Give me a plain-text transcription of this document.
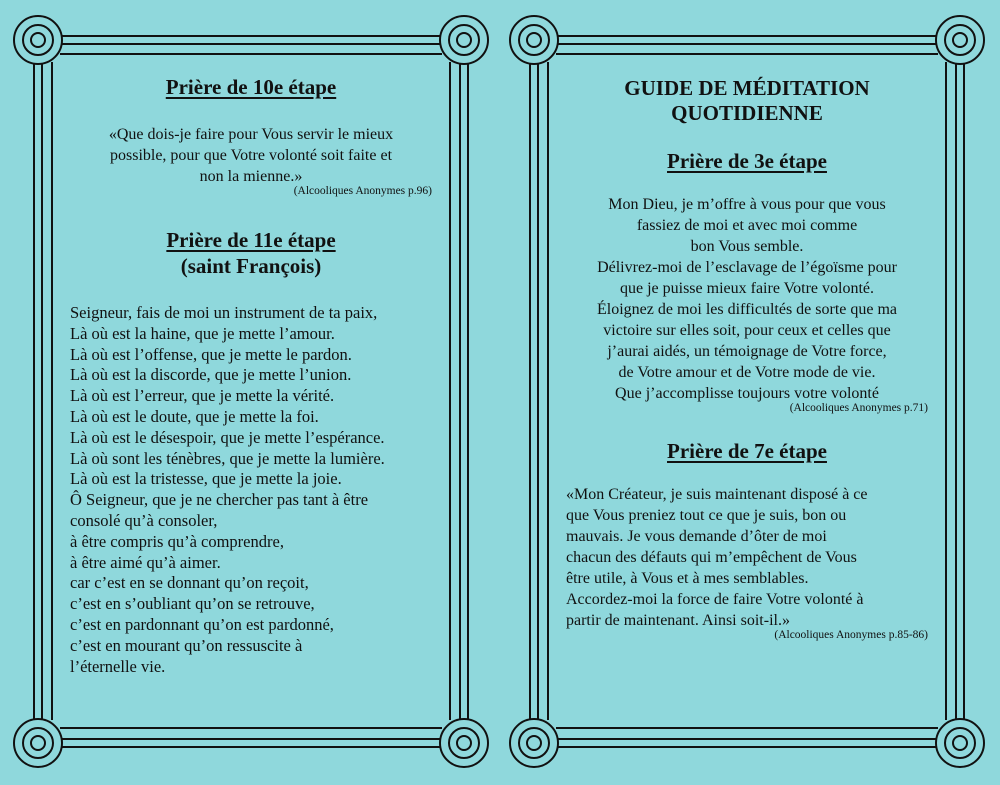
Prière de 10e étape
«Que dois-je faire pour Vous servir le mieux
possible, pour que Votre volonté soit faite et
non la mienne.»

(Alcooliques Anonymes p.96)

Prière de 11e étape
(saint François)
Seigneur, fais de moi un instrument de ta paix,
Là où est la haine, que je mette l’amour.
Là où est l’offense, que je mette le pardon.
Là où est la discorde, que je mette l’union.
Là où est l’erreur, que je mette la vérité.
Là où est le doute, que je mette la foi.
Là où est le désespoir, que je mette l’espérance.
Là où sont les ténèbres, que je mette la lumière.
Là où est la tristesse, que je mette la joie.
Ô Seigneur, que je ne chercher pas tant à être
consolé qu’à consoler,
à être compris qu’à comprendre,
à être aimé qu’à aimer.
car c’est en se donnant qu’on reçoit,
c’est en s’oubliant qu’on se retrouve,
c’est en pardonnant qu’on est pardonné,
c’est en mourant qu’on ressuscite à
l’éternelle vie.
GUIDE DE MÉDITATION
QUOTIDIENNE
Prière de 3e étape
Mon Dieu, je m’offre à vous pour que vous
fassiez de moi et avec moi comme
bon Vous semble.
Délivrez-moi de l’esclavage de l’égoïsme pour
que je puisse mieux faire Votre volonté.
Éloignez de moi les difficultés de sorte que ma
victoire sur elles soit, pour ceux et celles que
j’aurai aidés, un témoignage de Votre force,
de Votre amour et de Votre mode de vie.
Que j’accomplisse toujours votre volonté

(Alcooliques Anonymes p.71)

Prière de 7e étape
«Mon Créateur, je suis maintenant disposé à ce
que Vous preniez tout ce que je suis, bon ou
mauvais. Je vous demande d’ôter de moi
chacun des défauts qui m’empêchent de Vous
être utile, à Vous et à mes semblables.
Accordez-moi la force de faire Votre volonté à
partir de maintenant. Ainsi soit-il.»

(Alcooliques Anonymes p.85-86)
